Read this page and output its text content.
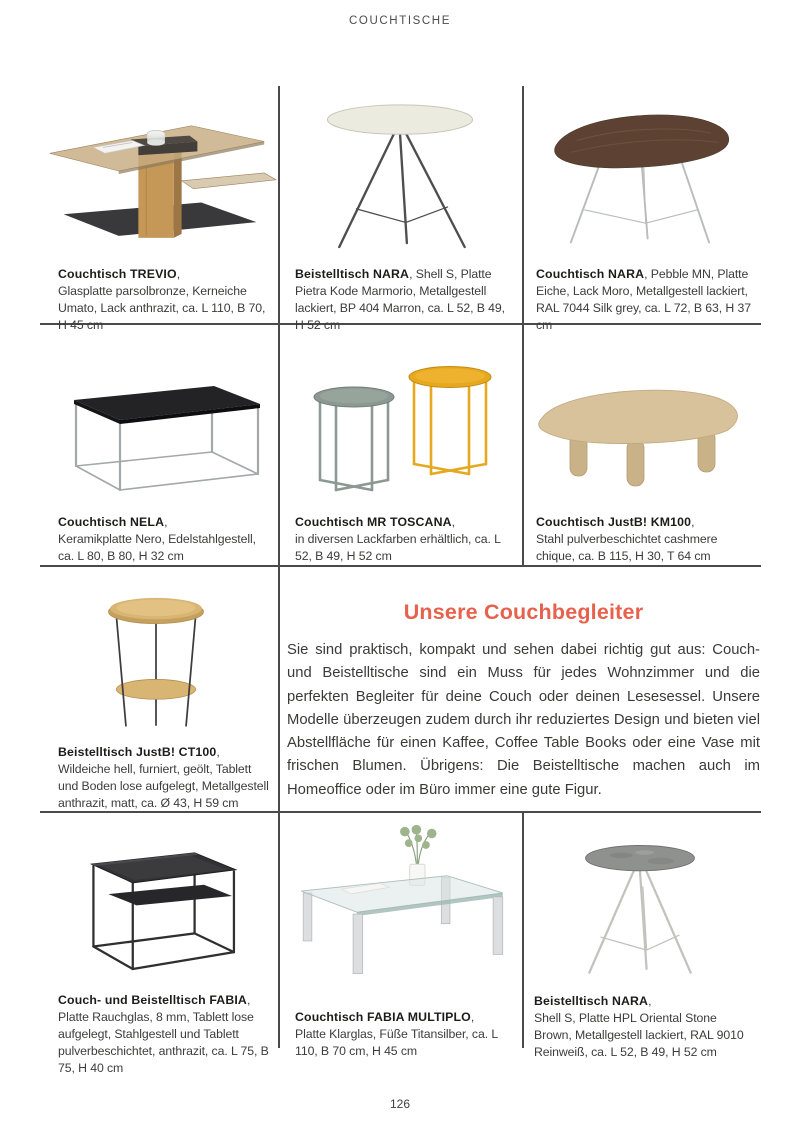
COUCHTISCHE
Couchtisch TREVIO,
Glasplatte parsolbronze, Kerneiche Umato, Lack anthrazit, ca. L 110, B 70, H 45 cm
Beistelltisch NARA, Shell S, Platte Pietra Kode Marmorio, Metallgestell lackiert, BP 404 Marron, ca. L 52, B 49, H 52 cm
Couchtisch NARA, Pebble MN, Platte Eiche, Lack Moro, Metallgestell lackiert, RAL 7044 Silk grey, ca. L 72, B 63, H 37 cm
Couchtisch NELA,
Keramikplatte Nero, Edelstahlgestell, ca. L 80, B 80, H 32 cm
Couchtisch MR TOSCANA,
in diversen Lackfarben erhältlich, ca. L 52, B 49, H 52 cm
Couchtisch JustB! KM100,
Stahl pulverbeschichtet cashmere chique, ca. B 115, H 30, T 64 cm
Beistelltisch JustB! CT100,
Wildeiche hell, furniert, geölt, Tablett und Boden lose aufgelegt, Metallgestell anthrazit, matt, ca. Ø 43, H 59 cm
Unsere Couchbegleiter
Sie sind praktisch, kompakt und sehen dabei richtig gut aus: Couch- und Beistelltische sind ein Muss für jedes Wohnzimmer und die perfekten Begleiter für deine Couch oder deinen Lesesessel. Unsere Modelle überzeugen zudem durch ihr reduziertes Design und bieten viel Abstellfläche für einen Kaffee, Coffee Table Books oder eine Vase mit frischen Blumen. Übrigens: Die Beistelltische machen auch im Homeoffice oder im Büro immer eine gute Figur.
Couch- und Beistelltisch FABIA,
Platte Rauchglas, 8 mm, Tablett lose aufgelegt, Stahlgestell und Tablett pulverbeschichtet, anthrazit, ca. L 75, B 75, H 40 cm
Couchtisch FABIA MULTIPLO,
Platte Klarglas, Füße Titansilber, ca. L 110, B 70 cm, H 45 cm
Beistelltisch NARA,
Shell S, Platte HPL Oriental Stone Brown, Metallgestell lackiert, RAL 9010 Reinweiß, ca. L 52, B 49, H 52 cm
126
